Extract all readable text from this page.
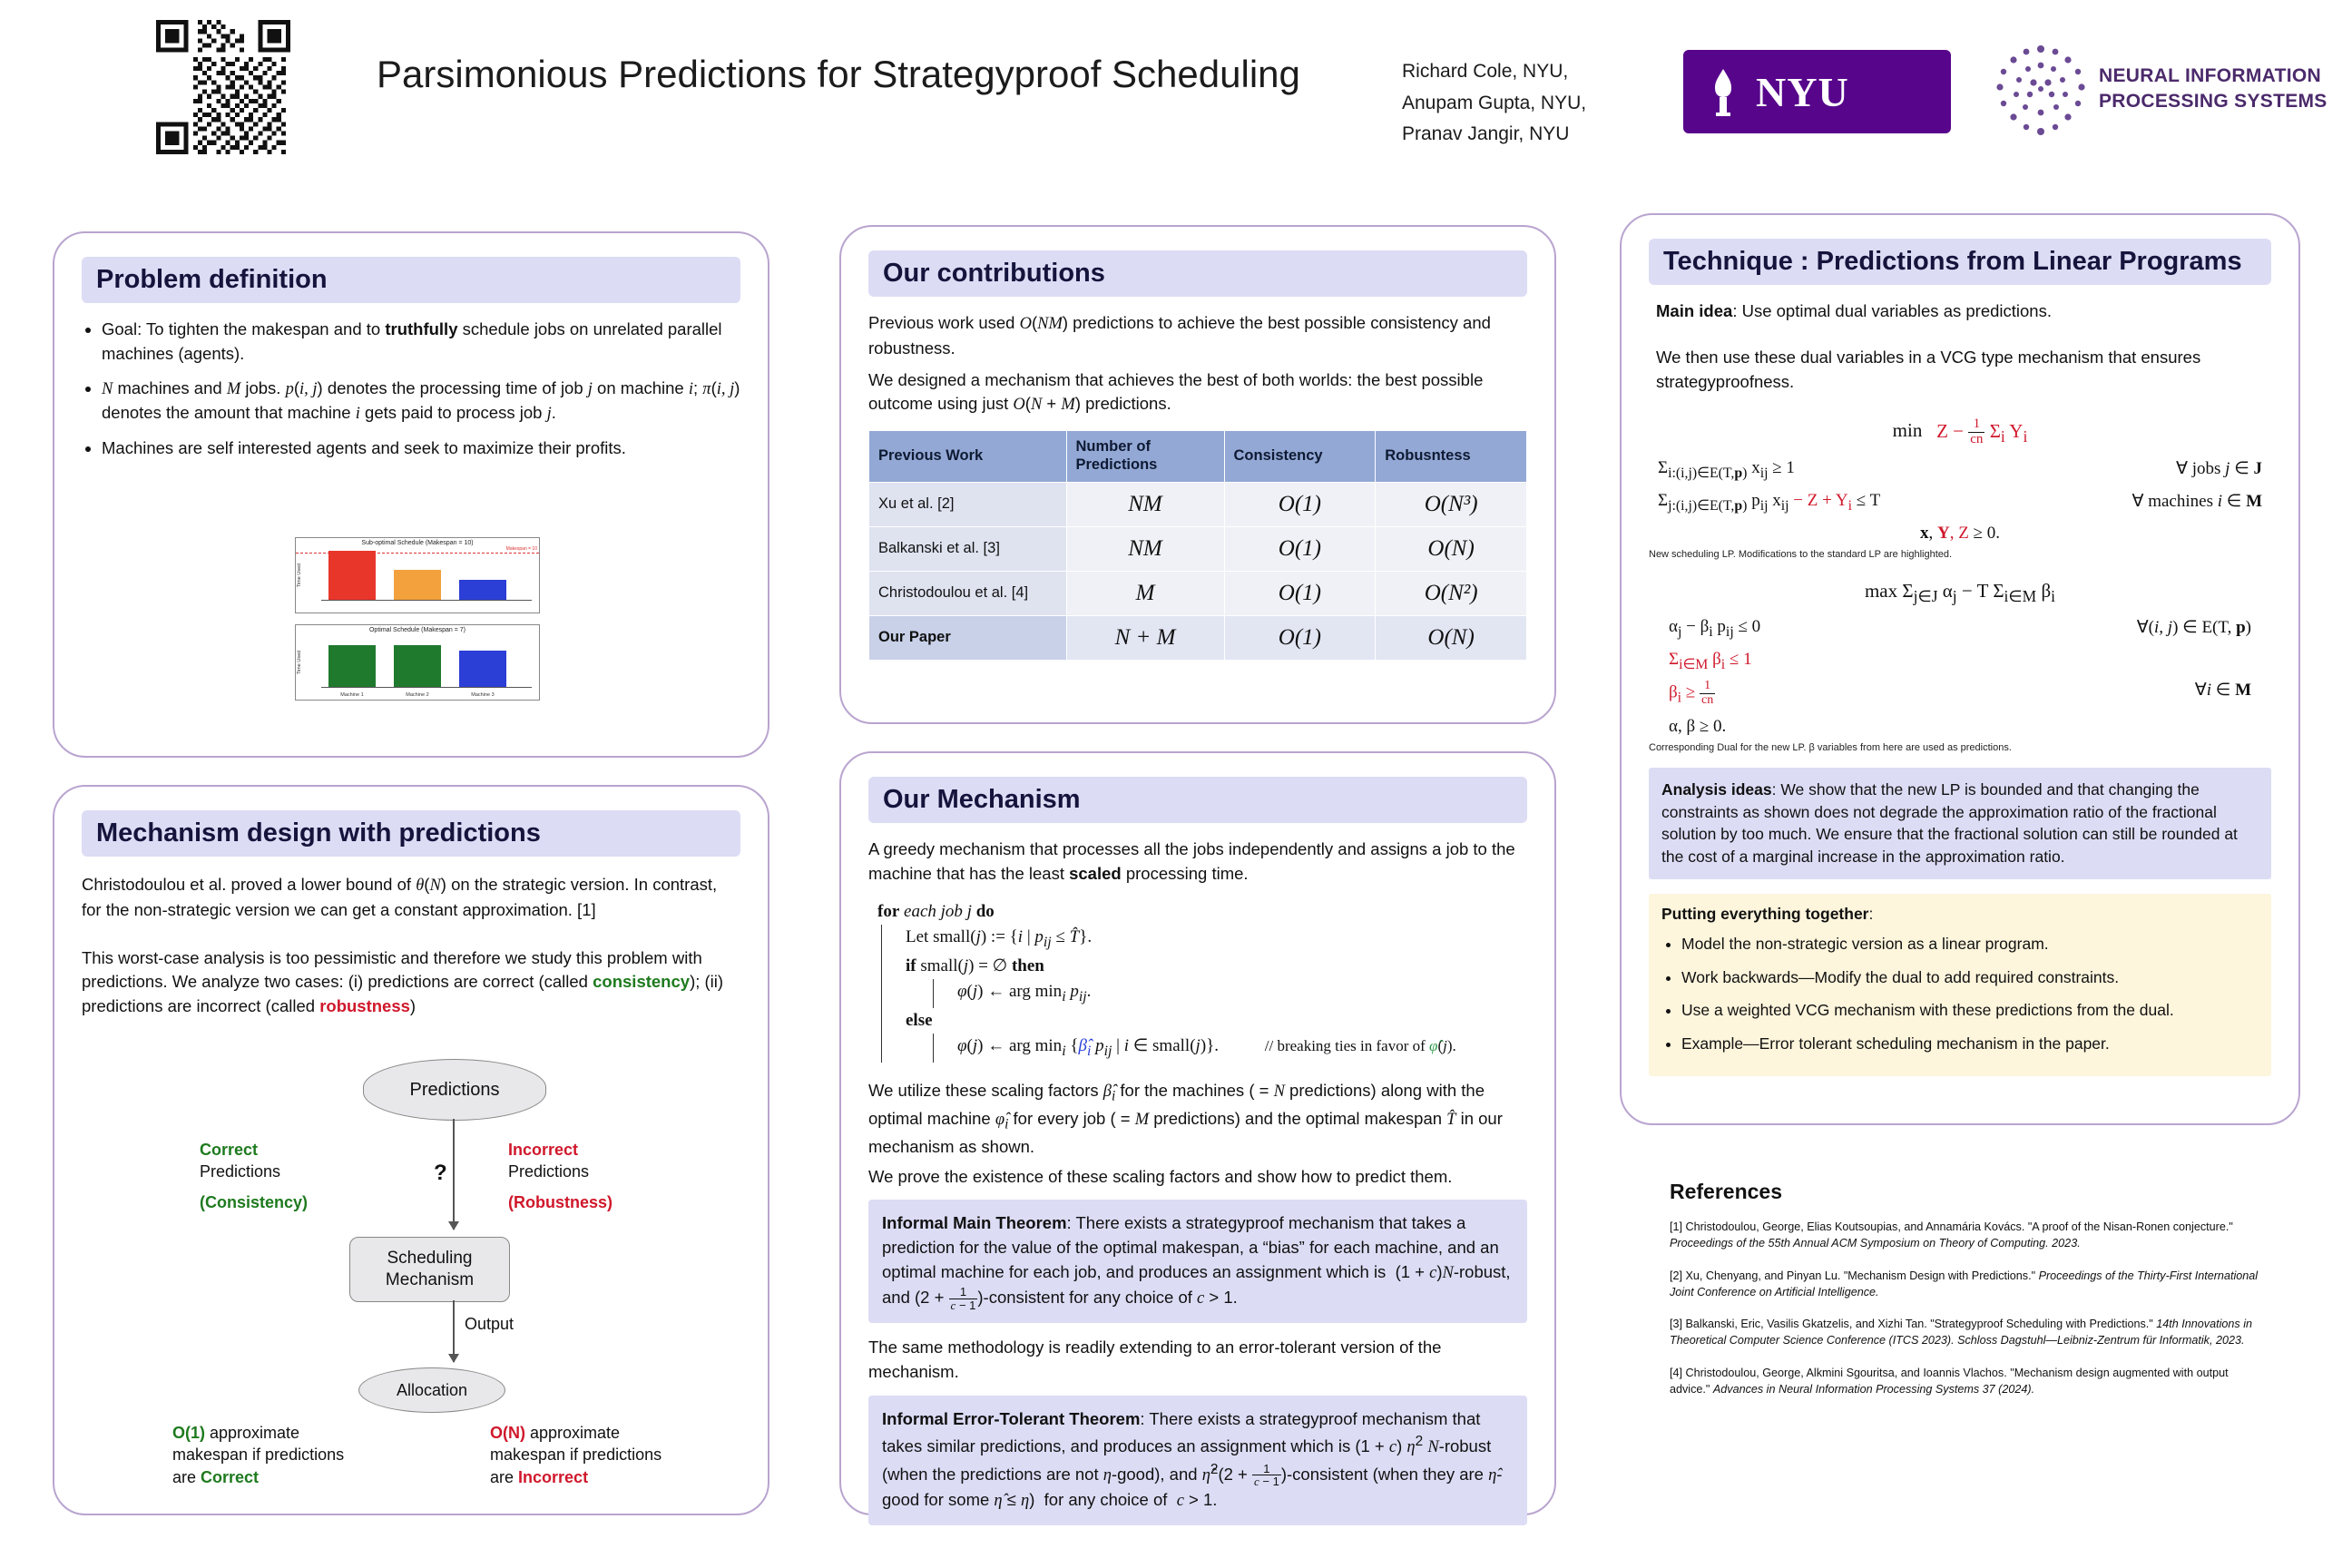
Parsimonious Predictions for Strategyproof Scheduling	Richard Cole, NYU,
Anupam Gupta, NYU,
Pranav Jangir, NYU
NYU	NEURAL INFORMATION
PROCESSING SYSTEMS
Problem definition
• Goal: To tighten the makespan and to truthfully schedule jobs on unrelated parallel machines (agents).
• N machines and M jobs. p(i, j) denotes the processing time of job j on machine i; π(i, j) denotes the amount that machine i gets paid to process job j.
• Machines are self interested agents and seek to maximize their profits.
Sub-optimal Schedule (Makespan = 10)
Time Used
Makespan = 10
Optimal Schedule (Makespan = 7)
Time Used
Machine 1	Machine 2	Machine 3
Mechanism design with predictions

Christodoulou et al. proved a lower bound of θ(N) on the strategic version. In contrast, for the non-strategic version we can get a constant approximation. [1]

This worst-case analysis is too pessimistic and therefore we study this problem with predictions. We analyze two cases: (i) predictions are correct (called consistency); (ii) predictions are incorrect (called robustness)

Predictions
?
Correct
Predictions
(Consistency)
Incorrect
Predictions
(Robustness)
Scheduling Mechanism
Output
Allocation
O(1) approximate makespan if predictions are Correct
O(N) approximate makespan if predictions are Incorrect
Our contributions

Previous work used O(NM) predictions to achieve the best possible consistency and robustness.

We designed a mechanism that achieves the best of both worlds: the best possible outcome using just O(N + M) predictions.

Previous Work	Number of Predictions	Consistency	Robusntess
Xu et al. [2]	NM	O(1)	O(N³)
Balkanski et al. [3]	NM	O(1)	O(N)
Christodoulou et al. [4]	M	O(1)	O(N²)
Our Paper	N + M	O(1)	O(N)
Our Mechanism

A greedy mechanism that processes all the jobs independently and assigns a job to the machine that has the least scaled processing time.

for each job j do
Let small(j) := {i | $p_{ij}$ ≤ T̂}.
if small(j) = ∅ then
φ(j) ← arg $\min_i p_{ij}$.
else
φ(j) ← arg $\min_i$ {$\betâ_i$ $p_{ij}$ | i ∈ small(j)}.	// breaking ties in favor of φ̂(j).

We utilize these scaling factors $\betâ_i$ for the machines ( = N predictions) along with the optimal machine $\varphî_i$ for every job ( = M predictions) and the optimal makespan T̂ in our mechanism as shown.

We prove the existence of these scaling factors and show how to predict them.

Informal Main Theorem: There exists a strategyproof mechanism that takes a prediction for the value of the optimal makespan, a “bias” for each machine, and an optimal machine for each job, and produces an assignment which is  (1 + c)N-robust, and ($2 + \frac{1}{c - 1}$ )-consistent for any choice of c > 1.

The same methodology is readily extending to an error-tolerant version of the mechanism.

Informal Error-Tolerant Theorem: There exists a strategyproof mechanism that takes similar predictions, and produces an assignment which is (1 + c) $\eta^2$ N-robust (when the predictions are not η-good), and η̂$^2$(2 + $\frac{1}{c - 1}$ )-consistent (when they are η̂-good for some η̂ ≤ η)  for any choice of  c > 1.
Technique : Predictions from Linear Programs

Main idea: Use optimal dual variables as predictions.

We then use these dual variables in a VCG type mechanism that ensures strategyproofness.

$\min Z - \frac{1}{cn} \Sigma_i$ $Y_i$
$\Sigma_{i:(i,j)\in E(T,p)}$ $x_{ij} \ge 1$	∀ jobs j ∈ J
$\Sigma_{j:(i,j)\in E(T,p)}$ $p_{ij}$ $x_{ij} - Z + Y_i \le T$	∀ machines i ∈ M
x, Y, Z ≥ 0.
New scheduling LP. Modifications to the standard LP are highlighted.
$\max \Sigma_{j\in J}$ $\alpha_j - T$ $\Sigma_{i\in M}$ $\beta_i$
$\alpha_j - \beta_i$ $p_{ij} \le 0$	∀(i, j) ∈ E(T, p)
$\Sigma_{i\in M}$ $\beta_i \le 1$
$\beta_i \ge \frac{1}{cn}$	∀i ∈ M
α, β ≥ 0.
Corresponding Dual for the new LP. β variables from here are used as predictions.
Analysis ideas: We show that the new LP is bounded and that changing the constraints as shown does not degrade the approximation ratio of the fractional solution by too much. We ensure that the fractional solution can still be rounded at the cost of a marginal increase in the approximation ratio.
Putting everything together:
• Model the non-strategic version as a linear program.
• Work backwards—Modify the dual to add required constraints.
• Use a weighted VCG mechanism with these predictions from the dual.
• Example—Error tolerant scheduling mechanism in the paper.
References
[1] Christodoulou, George, Elias Koutsoupias, and Annamária Kovács. "A proof of the Nisan-Ronen conjecture." Proceedings of the 55th Annual ACM Symposium on Theory of Computing. 2023.
[2] Xu, Chenyang, and Pinyan Lu. "Mechanism Design with Predictions." Proceedings of the Thirty-First International Joint Conference on Artificial Intelligence.
[3] Balkanski, Eric, Vasilis Gkatzelis, and Xizhi Tan. "Strategyproof Scheduling with Predictions." 14th Innovations in Theoretical Computer Science Conference (ITCS 2023). Schloss Dagstuhl—Leibniz-Zentrum für Informatik, 2023.
[4] Christodoulou, George, Alkmini Sgouritsa, and Ioannis Vlachos. "Mechanism design augmented with output advice." Advances in Neural Information Processing Systems 37 (2024).
